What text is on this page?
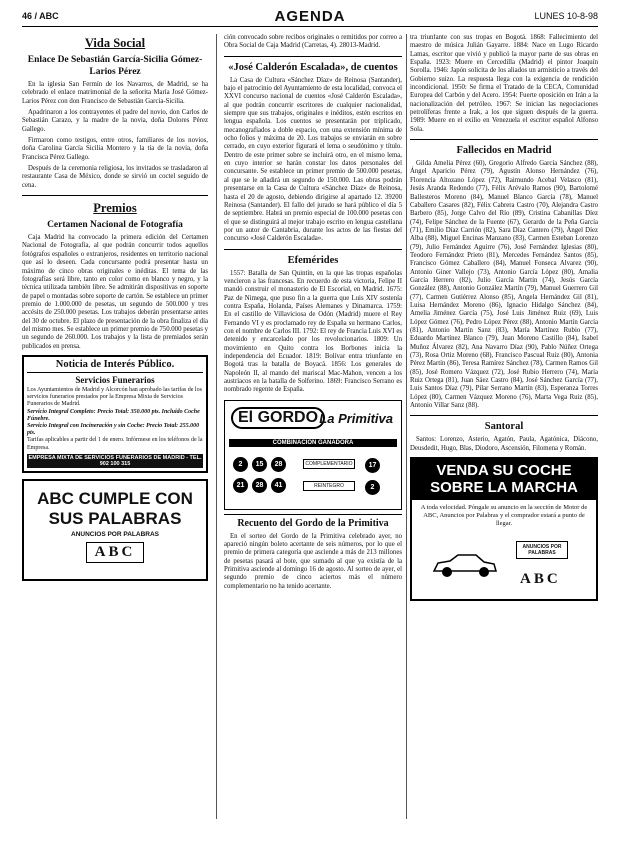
46 / ABC	AGENDA	LUNES 10-8-98
Vida Social
Enlace De Sebastián García-Sicilia Gómez-Larios Pérez

En la iglesia San Fermín de los Navarros, de Madrid, se ha celebrado el enlace matrimonial de la señorita María José Gómez-Larios Pérez con don Francisco de Sebastián García-Sicilia.

Apadrinaron a los contrayentes el padre del novio, don Carlos de Sebastián Carazo, y la madre de la novia, doña Dolores Pérez Gallego.

Firmaron como testigos, entre otros, familiares de los novios, doña Carolina García Sicilia Montero y la tía de la novia, doña Francisca Pérez Gallego.

Después de la ceremonia religiosa, los invitados se trasladaron al restaurante Casa de México, donde se sirvió un coctel seguido de cena.

Premios
Certamen Nacional de Fotografía

Caja Madrid ha convocado la primera edición del Certamen Nacional de Fotografía, al que podrán concurrir todos aquellos fotógrafos españoles o extranjeros, residentes en territorio nacional que así lo deseen. Cada concursante podrá presentar hasta un máximo de cinco obras originales e inéditas. El tema de las fotografías será libre, tanto en color como en blanco y negro, y la técnica utilizada también libre. Se admitirán dispositivas en soporte de papel o montadas sobre soporte de cartón. Se establece un primer premio de 1.000.000 de pesetas, un segundo de 500.000 y tres accésits de 250.000 pesetas. Los trabajos deberán presentarse antes del 30 de octubre. El plazo de presentación de la obra finaliza el día del mismo mes. Se establece un primer premio de 750.000 pesetas y un segundo de 260.000. Los trabajos y la lista de premiados serán publicados en prensa.

Noticia de Interés Público.
Servicios Funerarios
Los Ayuntamientos de Madrid y Alcorcón han aprobado las tarifas de los servicios funerarios prestados por la Empresa Mixta de Servicios Funerarios de Madrid.
Servicio Integral Completo: Precio Total: 350.000 pts. Incluido Coche Fúnebre.
Servicio Integral con Incineración y sin Coche: Precio Total: 255.000 pts.
Tarifas aplicables a partir del 1 de enero. Infórmese en los teléfonos de la Empresa.
EMPRESA MIXTA DE SERVICIOS FUNERARIOS DE MADRID - TEL. 902 100 315
ABC CUMPLE CON
SUS PALABRAS
ANUNCIOS POR PALABRAS
ABC

ción convocado sobre recibos originales o remitidos por correo a Obra Social de Caja Madrid (Carretas, 4). 28013-Madrid.

«José Calderón Escalada», de cuentos

La Casa de Cultura «Sánchez Díaz» de Reinosa (Santander), bajo el patrocinio del Ayuntamiento de esta localidad, convoca el XXVI concurso nacional de cuentos «José Calderón Escalada», al que podrán concurrir escritores de cualquier nacionalidad, siempre que sus trabajos, originales e inéditos, estén escritos en lengua española. Los cuentos se presentarán por triplicado, mecanografiados a doble espacio, con una extensión mínima de ocho folios y máxima de 20. Los trabajos se enviarán en sobre cerrado, en cuyo exterior figurará el lema o seudónimo y título. Dentro de este primer sobre se incluirá otro, en el mismo lema, en cuyo interior se harán constar los datos personales del concursante. Se establece un primer premio de 500.000 pesetas, al que se le añadirá un segundo de 150.000. Las obras podrán presentarse en la Casa de Cultura «Sánchez Díaz» de Reinosa, hasta el 20 de agosto, debiendo dirigirse al apartado 12. 39200 Reinosa (Santander). El fallo del jurado se hará público el día 5 de septiembre. Habrá un premio especial de 100.000 pesetas con el que se distinguirá al mejor trabajo escrito en lengua castellana por un autor de Cantabria, durante los actos de las fiestas del concurso «José Calderón Escalada».

Efemérides

1557: Batalla de San Quintín, en la que las tropas españolas vencieron a las francesas. En recuerdo de esta victoria, Felipe II mandó construir el monasterio de El Escorial, en Madrid. 1675: Paz de Nimega, que puso fin a la guerra que Luis XIV sostenía contra España, Holanda, Países Alemanes y Dinamarca. 1759: En el castillo de Villaviciosa de Odón (Madrid) muere el Rey Fernando VI y es proclamado rey de España su hermano Carlos, con el nombre de Carlos III. 1792: El rey de Francia Luis XVI es detenido y encarcelado por los revolucionarios. 1809: Un movimiento en Quito contra los Borbones inicia la independencia del Ecuador. 1819: Bolívar entra triunfante en Bogotá tras la batalla de Boyacá. 1856: Los generales de Napoleón II, al mando del mariscal Mac-Mahon, vencen a los austriacos en la batalla de Solferino. 1869: Francisco Serrano es nombrado regente de España.

El GORDO La Primitiva
COMBINACIÓN GANADORA
2 15 28
21 28 41
COMPLEMENTARIO	17
REINTEGRO	2
Recuento del Gordo de la Primitiva

En el sorteo del Gordo de la Primitiva celebrado ayer, no apareció ningún boleto acertante de seis números, por lo que el premio de primera categoría que asciende a más de 213 millones de pesetas pasará al bote, que sumado al que ya existía de la Primitiva asciende al domingo 16 de agosto. Al sorteo de ayer, el segundo premio de cinco aciertos más el número complementario no ha tenido acertante.

tra triunfante con sus tropas en Bogotá. 1868: Fallecimiento del maestro de música Julián Gayarre. 1884: Nace en Lugo Ricardo Lamas, escritor que vivió y publicó la mayor parte de sus obras en España. 1923: Muere en Cercedilla (Madrid) el pintor Joaquín Sorolla. 1946: Japón solicita de los aliados un armisticio a través del Gobierno suizo. La respuesta llega con la exigencia de rendición incondicional. 1950: Se firma el Tratado de la CECA, Comunidad Europea del Carbón y del Acero. 1954: Fuerte oposición en Irán a la nacionalización del petróleo. 1967: Se inician las negociaciones petrolíferas frente a Irak, a los que siguen después de la guerra. 1989: Muere en el exilio en Venezuela el escritor español Alfonso Sola.

Fallecidos en Madrid

Gilda Amelia Pérez (60), Gregorio Alfredo García Sánchez (88), Ángel Aparicio Pérez (79), Agustín Alonso Hernández (76), Florencia Altozano López (72), Raimundo Acebal Velasco (81), Jesús Aranda Redondo (77), Félix Arévalo Ramos (90), Bartolomé Ballesteros Moreno (84), Manuel Blanco García (78), Manuel Caballero Casares (82), Félix Cabrera Castro (70), Alejandra Castro Barbero (85), Jorge Calvo del Río (89), Cristina Cabanillas Díez (74), Felipe Sánchez de la Fuente (67), Gerardo de la Peña García (71), Emilio Díaz Carrión (82), Sara Díaz Cantero (79), Ángel Díez Alba (88), Miguel Encinas Manzano (83), Carmen Esteban Lorenzo (79), Julio Fernández Aguirre (76), José Fernández Iglesias (80), Teodoro Fernández Prieto (81), Mercedes Fernández Santos (85), Francisco Gómez Caballero (84), Manuel Fonseca Alvarez (90), Antonio Giner Vallejo (73), Antonio García López (80), Amalia García Herrero (82), Julio García Martín (74), Jesús García González (88), Antonio González Martín (79), Manuel Guerrero Gil (77), Carmen Gutiérrez Alonso (85), Angela Hernández Gil (81), Luisa Hernández Moreno (86), Ignacio Hidalgo Sánchez (84), Amelia Jiménez García (75), José Luis Jiménez Ruiz (69), Luis López Gómez (76), Pedro López Pérez (88), Antonio Martín García (81), Antonio Martín Sanz (83), María Martínez Rubio (77), Eduardo Martínez Blanco (79), Juan Moreno Castillo (84), Isabel Muñoz Álvarez (82), Ana Navarro Díaz (90), Pablo Núñez Ortega (73), Rosa Ortiz Moreno (68), Francisco Pascual Ruiz (80), Antonia Pérez Martín (86), Teresa Ramírez Sánchez (78), Carmen Ramos Gil (85), José Romero Vázquez (72), José Rubio Herrero (74), María Ruiz Ortega (81), Juan Sáez Castro (84), José Sánchez García (77), Luis Santos Díaz (79), Pilar Serrano Martín (83), Esperanza Torres López (80), Carmen Vázquez Moreno (76), Marta Vega Ruiz (85), Antonio Villar Sanz (88).

Santoral

Santos: Lorenzo, Asterio, Agatón, Paula, Agatónica, Diácono, Deusdedit, Hugo, Blas, Diodoro, Ascensión, Filomena y Román.

VENDA SU COCHE
SOBRE LA MARCHA
A toda velocidad. Póngale su anuncio en la sección de Motor de ABC, Anuncios por Palabras y el comprador estará a punto de llegar.
ANUNCIOS POR PALABRAS
ABC
